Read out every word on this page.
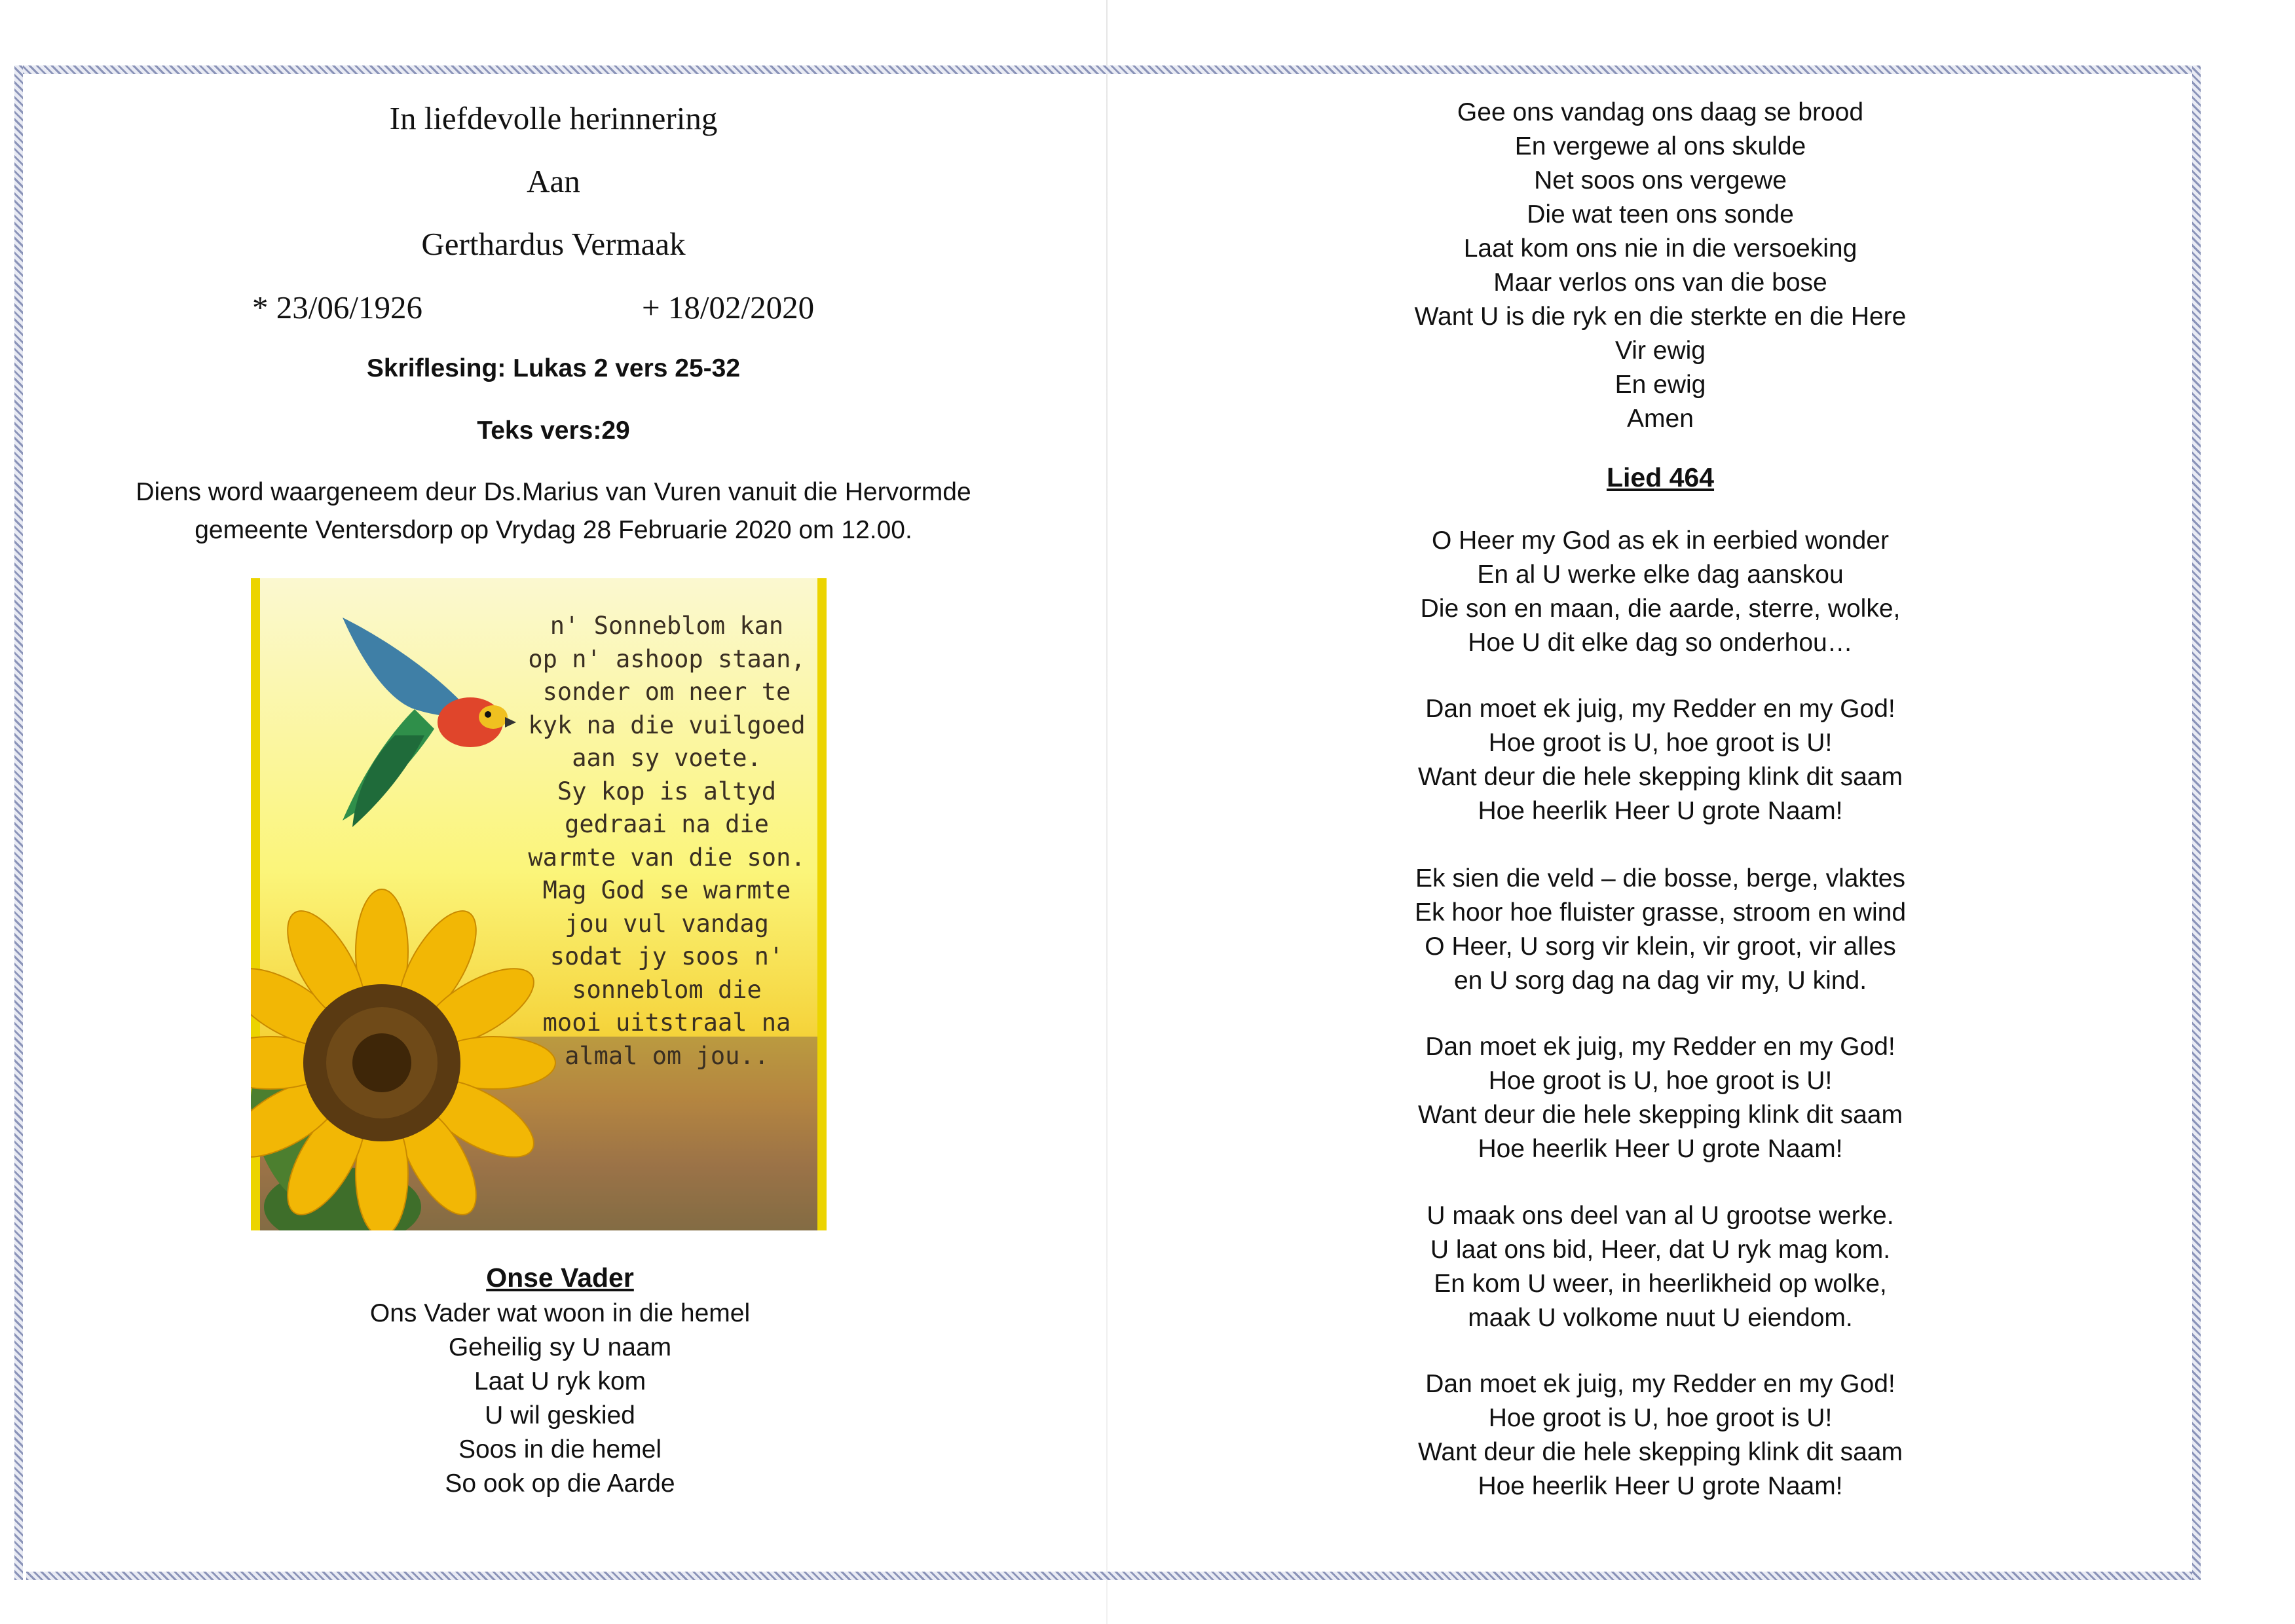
In liefdevolle herinnering
Aan
Gerthardus Vermaak
* 23/06/1926	+ 18/02/2020
Skriflesing: Lukas 2 vers 25-32
Teks vers:29
Diens word waargeneem deur Ds.Marius van Vuren vanuit die Hervormde
gemeente Ventersdorp op Vrydag 28 Februarie 2020 om 12.00.
n' Sonneblom kan
op n' ashoop staan,
sonder om neer te
kyk na die vuilgoed
aan sy voete.
Sy kop is altyd
gedraai na die
warmte van die son.
Mag God se warmte
jou vul vandag
sodat jy soos n'
sonneblom die
mooi uitstraal na
almal om jou..
Onse Vader
Ons Vader wat woon in die hemel
Geheilig sy U naam
Laat U ryk kom
U wil geskied
Soos in die hemel
So ook op die Aarde
Gee ons vandag ons daag se brood
En vergewe al ons skulde
Net soos ons vergewe
Die wat teen ons sonde
Laat kom ons nie in die versoeking
Maar verlos ons van die bose
Want U is die ryk en die sterkte en die Here
Vir ewig
En ewig
Amen
Lied 464
O Heer my God as ek in eerbied wonder
En al U werke elke dag aanskou
Die son en maan, die aarde, sterre, wolke,
Hoe U dit elke dag so onderhou…
Dan moet ek juig, my Redder en my God!
Hoe groot is U, hoe groot is U!
Want deur die hele skepping klink dit saam
Hoe heerlik Heer U grote Naam!
Ek sien die veld – die bosse, berge, vlaktes
Ek hoor hoe fluister grasse, stroom en wind
O Heer, U sorg vir klein, vir groot, vir alles
en U sorg dag na dag vir my, U kind.
Dan moet ek juig, my Redder en my God!
Hoe groot is U, hoe groot is U!
Want deur die hele skepping klink dit saam
Hoe heerlik Heer U grote Naam!
U maak ons deel van al U grootse werke.
U laat ons bid, Heer, dat U ryk mag kom.
En kom U weer, in heerlikheid op wolke,
maak U volkome nuut U eiendom.
Dan moet ek juig, my Redder en my God!
Hoe groot is U, hoe groot is U!
Want deur die hele skepping klink dit saam
Hoe heerlik Heer U grote Naam!
